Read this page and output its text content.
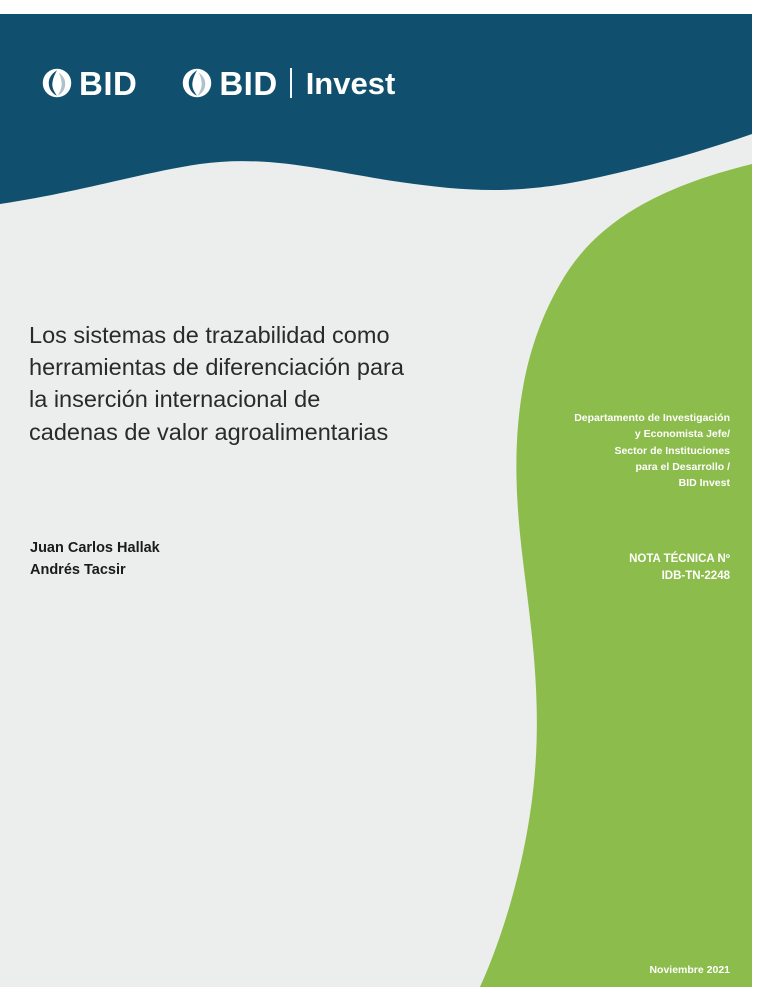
BID BID Invest
Los sistemas de trazabilidad como
herramientas de diferenciación para
la inserción internacional de
cadenas de valor agroalimentarias
Juan Carlos Hallak
Andrés Tacsir
Departamento de Investigación
y Economista Jefe/
Sector de Instituciones
para el Desarrollo /
BID Invest
NOTA TÉCNICA Nº
IDB-TN-2248
Noviembre 2021
